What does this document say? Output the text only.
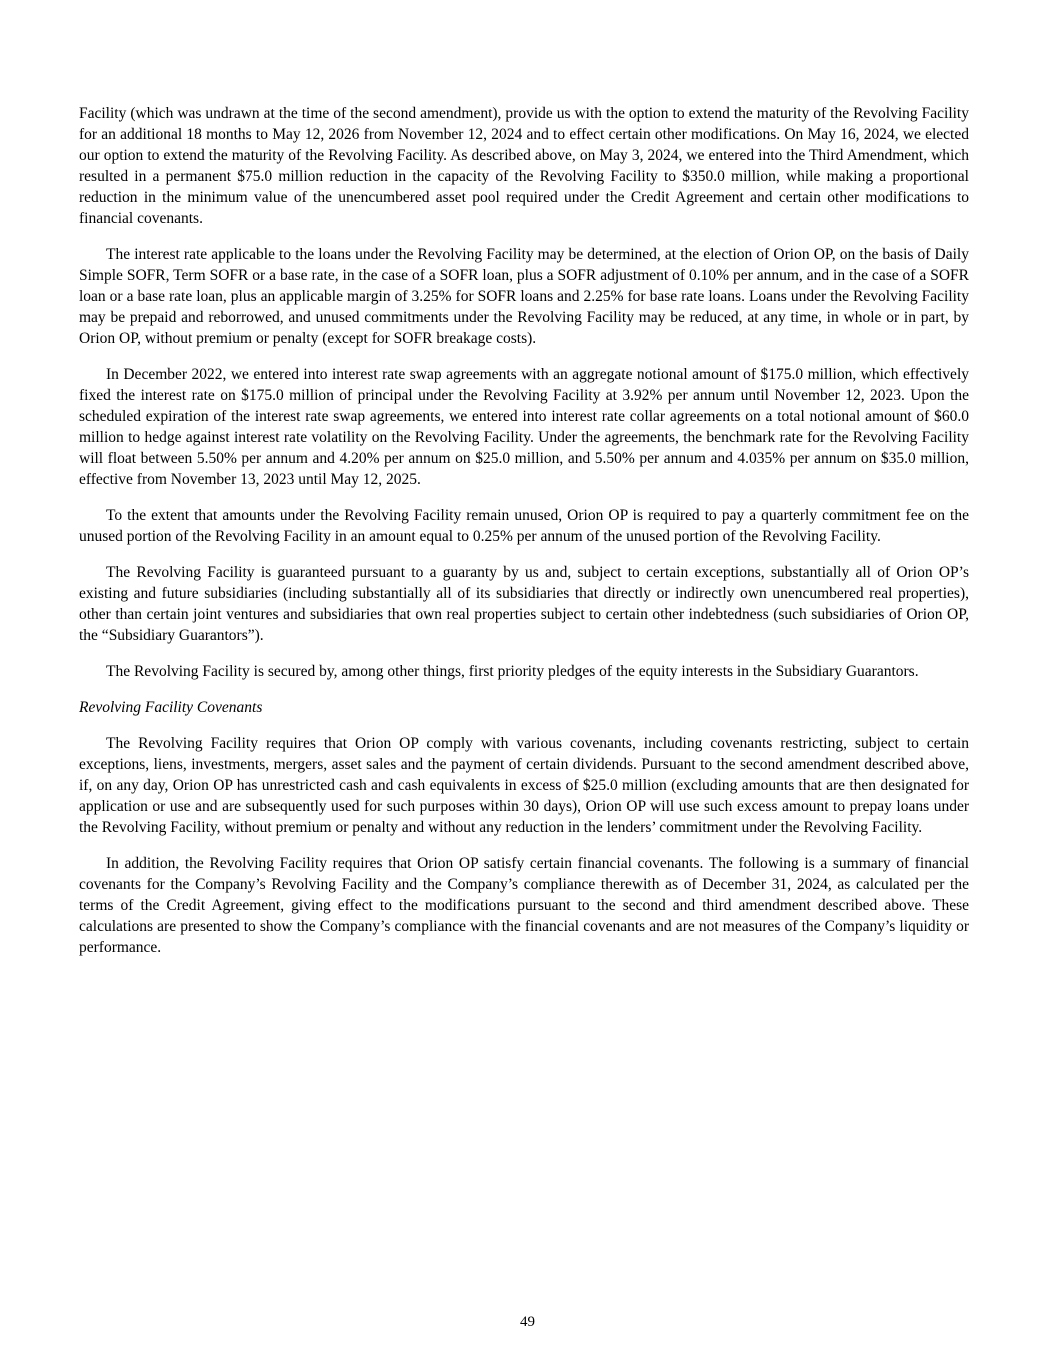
Facility (which was undrawn at the time of the second amendment), provide us with the option to extend the maturity of the Revolving Facility for an additional 18 months to May 12, 2026 from November 12, 2024 and to effect certain other modifications. On May 16, 2024, we elected our option to extend the maturity of the Revolving Facility. As described above, on May 3, 2024, we entered into the Third Amendment, which resulted in a permanent $75.0 million reduction in the capacity of the Revolving Facility to $350.0 million, while making a proportional reduction in the minimum value of the unencumbered asset pool required under the Credit Agreement and certain other modifications to financial covenants.

The interest rate applicable to the loans under the Revolving Facility may be determined, at the election of Orion OP, on the basis of Daily Simple SOFR, Term SOFR or a base rate, in the case of a SOFR loan, plus a SOFR adjustment of 0.10% per annum, and in the case of a SOFR loan or a base rate loan, plus an applicable margin of 3.25% for SOFR loans and 2.25% for base rate loans. Loans under the Revolving Facility may be prepaid and reborrowed, and unused commitments under the Revolving Facility may be reduced, at any time, in whole or in part, by Orion OP, without premium or penalty (except for SOFR breakage costs).

In December 2022, we entered into interest rate swap agreements with an aggregate notional amount of $175.0 million, which effectively fixed the interest rate on $175.0 million of principal under the Revolving Facility at 3.92% per annum until November 12, 2023. Upon the scheduled expiration of the interest rate swap agreements, we entered into interest rate collar agreements on a total notional amount of $60.0 million to hedge against interest rate volatility on the Revolving Facility. Under the agreements, the benchmark rate for the Revolving Facility will float between 5.50% per annum and 4.20% per annum on $25.0 million, and 5.50% per annum and 4.035% per annum on $35.0 million, effective from November 13, 2023 until May 12, 2025.

To the extent that amounts under the Revolving Facility remain unused, Orion OP is required to pay a quarterly commitment fee on the unused portion of the Revolving Facility in an amount equal to 0.25% per annum of the unused portion of the Revolving Facility.

The Revolving Facility is guaranteed pursuant to a guaranty by us and, subject to certain exceptions, substantially all of Orion OP’s existing and future subsidiaries (including substantially all of its subsidiaries that directly or indirectly own unencumbered real properties), other than certain joint ventures and subsidiaries that own real properties subject to certain other indebtedness (such subsidiaries of Orion OP, the “Subsidiary Guarantors”).

The Revolving Facility is secured by, among other things, first priority pledges of the equity interests in the Subsidiary Guarantors.

Revolving Facility Covenants

The Revolving Facility requires that Orion OP comply with various covenants, including covenants restricting, subject to certain exceptions, liens, investments, mergers, asset sales and the payment of certain dividends. Pursuant to the second amendment described above, if, on any day, Orion OP has unrestricted cash and cash equivalents in excess of $25.0 million (excluding amounts that are then designated for application or use and are subsequently used for such purposes within 30 days), Orion OP will use such excess amount to prepay loans under the Revolving Facility, without premium or penalty and without any reduction in the lenders’ commitment under the Revolving Facility.

In addition, the Revolving Facility requires that Orion OP satisfy certain financial covenants. The following is a summary of financial covenants for the Company’s Revolving Facility and the Company’s compliance therewith as of December 31, 2024, as calculated per the terms of the Credit Agreement, giving effect to the modifications pursuant to the second and third amendment described above. These calculations are presented to show the Company’s compliance with the financial covenants and are not measures of the Company’s liquidity or performance.

49
